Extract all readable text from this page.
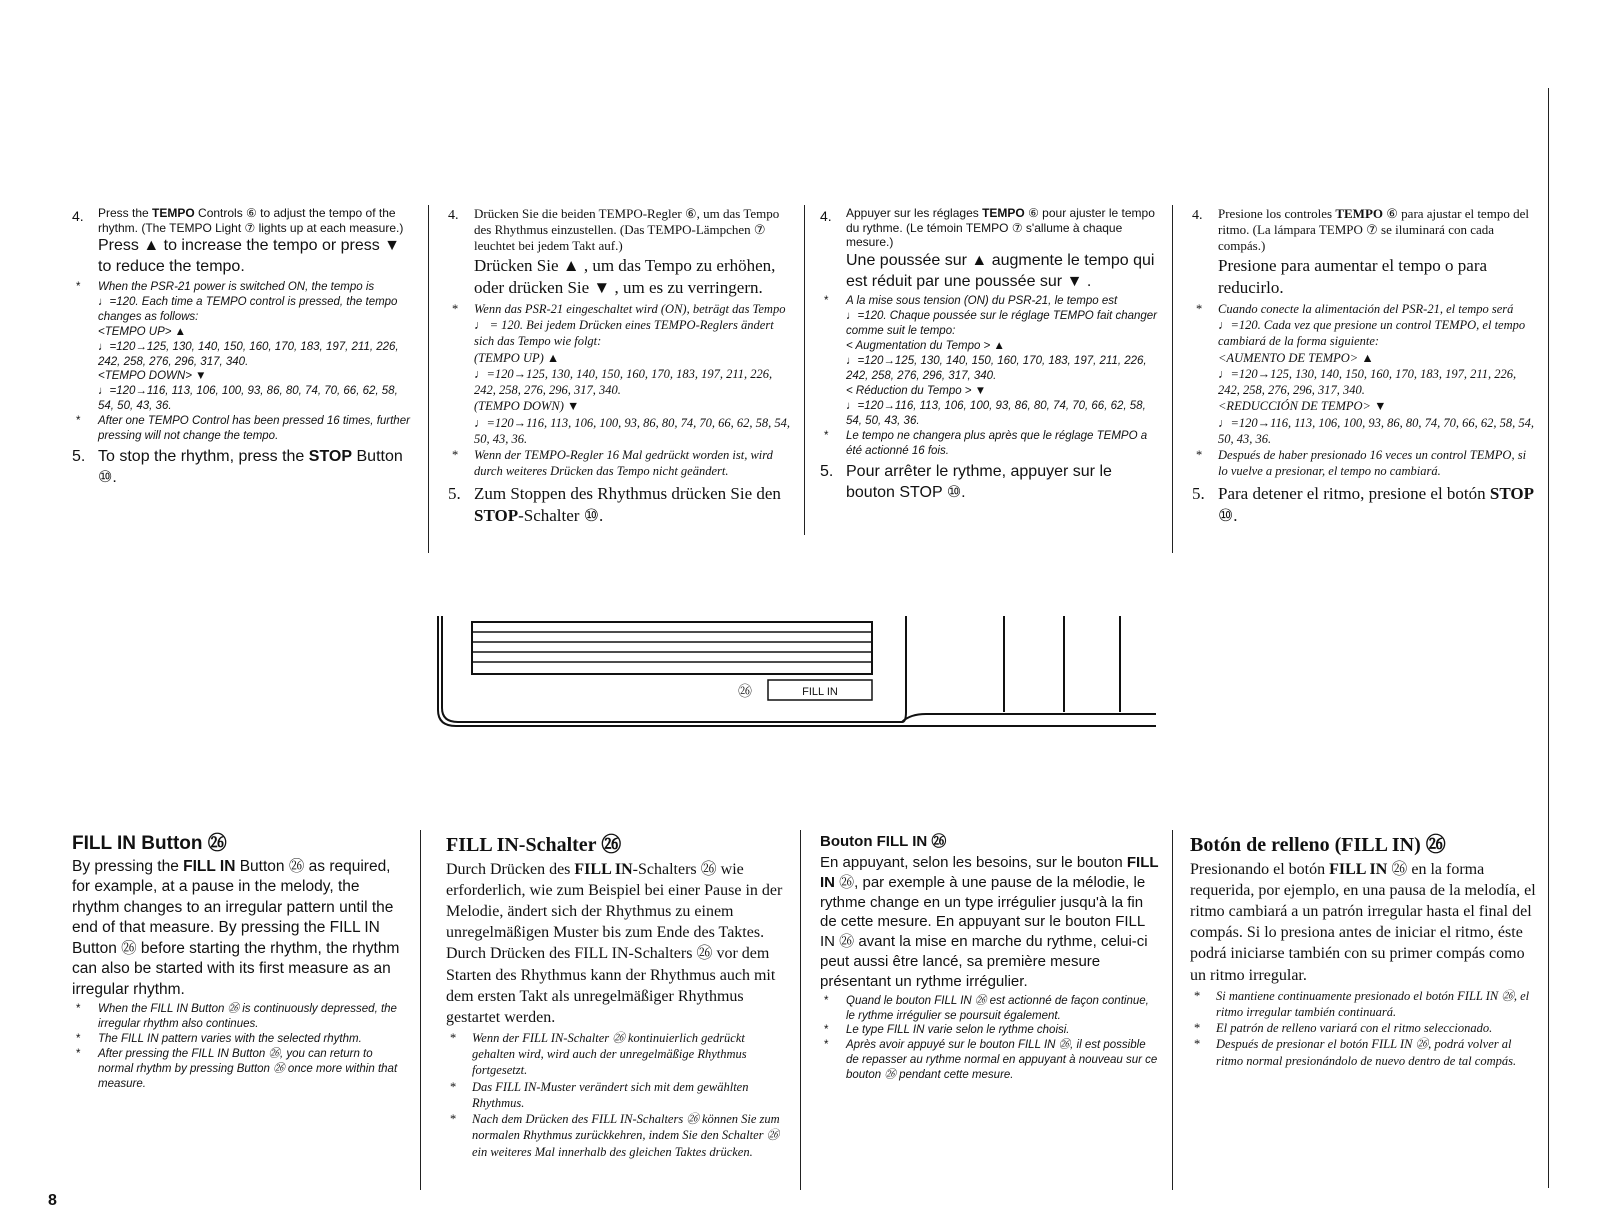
4.	Press the TEMPO Controls ⑥ to adjust the tempo of the rhythm. (The TEMPO Light ⑦ lights up at each measure.)
Press ▲ to increase the tempo or press ▼ to reduce the tempo.
* When the PSR-21 power is switched ON, the tempo is ♩=120. Each time a TEMPO control is pressed, the tempo changes as follows:
<TEMPO UP> ▲
♩=120→125, 130, 140, 150, 160, 170, 183, 197, 211, 226, 242, 258, 276, 296, 317, 340.
<TEMPO DOWN> ▼
♩=120→116, 113, 106, 100, 93, 86, 80, 74, 70, 66, 62, 58, 54, 50, 43, 36.
* After one TEMPO Control has been pressed 16 times, further pressing will not change the tempo.
5. To stop the rhythm, press the STOP Button ⑩.
4.	Drücken Sie die beiden TEMPO-Regler ⑥, um das Tempo des Rhythmus einzustellen. (Das TEMPO-Lämpchen ⑦ leuchtet bei jedem Takt auf.)
Drücken Sie ▲ , um das Tempo zu erhöhen, oder drücken Sie ▼ , um es zu verringern.
* Wenn das PSR-21 eingeschaltet wird (ON), beträgt das Tempo ♩ = 120. Bei jedem Drücken eines TEMPO-Reglers ändert sich das Tempo wie folgt:
(TEMPO UP) ▲
♩=120→125, 130, 140, 150, 160, 170, 183, 197, 211, 226, 242, 258, 276, 296, 317, 340.
(TEMPO DOWN) ▼
♩=120→116, 113, 106, 100, 93, 86, 80, 74, 70, 66, 62, 58, 54, 50, 43, 36.
* Wenn der TEMPO-Regler 16 Mal gedrückt worden ist, wird durch weiteres Drücken das Tempo nicht geändert.
5. Zum Stoppen des Rhythmus drücken Sie den STOP-Schalter ⑩.
4.	Appuyer sur les réglages TEMPO ⑥ pour ajuster le tempo du rythme. (Le témoin TEMPO ⑦ s'allume à chaque mesure.)
Une poussée sur ▲ augmente le tempo qui est réduit par une poussée sur ▼ .
* A la mise sous tension (ON) du PSR-21, le tempo est ♩=120. Chaque poussée sur le réglage TEMPO fait changer comme suit le tempo:
< Augmentation du Tempo > ▲
♩=120→125, 130, 140, 150, 160, 170, 183, 197, 211, 226, 242, 258, 276, 296, 317, 340.
< Réduction du Tempo > ▼
♩=120→116, 113, 106, 100, 93, 86, 80, 74, 70, 66, 62, 58, 54, 50, 43, 36.
* Le tempo ne changera plus après que le réglage TEMPO a été actionné 16 fois.
5. Pour arrêter le rythme, appuyer sur le bouton STOP ⑩.
4.	Presione los controles TEMPO ⑥ para ajustar el tempo del ritmo. (La lámpara TEMPO ⑦ se iluminará con cada compás.)
Presione para aumentar el tempo o para reducirlo.
* Cuando conecte la alimentación del PSR-21, el tempo será ♩=120. Cada vez que presione un control TEMPO, el tempo cambiará de la forma siguiente:
<AUMENTO DE TEMPO> ▲
♩=120→125, 130, 140, 150, 160, 170, 183, 197, 211, 226, 242, 258, 276, 296, 317, 340.
<REDUCCIÓN DE TEMPO> ▼
♩=120→116, 113, 106, 100, 93, 86, 80, 74, 70, 66, 62, 58, 54, 50, 43, 36.
* Después de haber presionado 16 veces un control TEMPO, si lo vuelve a presionar, el tempo no cambiará.
5. Para detener el ritmo, presione el botón STOP ⑩.
㉖	FILL IN
FILL IN Button ㉖

By pressing the FILL IN Button ㉖ as required, for example, at a pause in the melody, the rhythm changes to an irregular pattern until the end of that measure. By pressing the FILL IN Button ㉖ before starting the rhythm, the rhythm can also be started with its first measure as an irregular rhythm.

* When the FILL IN Button ㉖ is continuously depressed, the irregular rhythm also continues.
* The FILL IN pattern varies with the selected rhythm.
* After pressing the FILL IN Button ㉖, you can return to normal rhythm by pressing Button ㉖ once more within that measure.
FILL IN-Schalter ㉖

Durch Drücken des FILL IN-Schalters ㉖ wie erforderlich, wie zum Beispiel bei einer Pause in der Melodie, ändert sich der Rhythmus zu einem unregelmäßigen Muster bis zum Ende des Taktes. Durch Drücken des FILL IN-Schalters ㉖ vor dem Starten des Rhythmus kann der Rhythmus auch mit dem ersten Takt als unregelmäßiger Rhythmus gestartet werden.

* Wenn der FILL IN-Schalter ㉖ kontinuierlich gedrückt gehalten wird, wird auch der unregelmäßige Rhythmus fortgesetzt.
* Das FILL IN-Muster verändert sich mit dem gewählten Rhythmus.
* Nach dem Drücken des FILL IN-Schalters ㉖ können Sie zum normalen Rhythmus zurückkehren, indem Sie den Schalter ㉖ ein weiteres Mal innerhalb des gleichen Taktes drücken.
Bouton FILL IN ㉖

En appuyant, selon les besoins, sur le bouton FILL IN ㉖, par exemple à une pause de la mélodie, le rythme change en un type irrégulier jusqu'à la fin de cette mesure. En appuyant sur le bouton FILL IN ㉖ avant la mise en marche du rythme, celui-ci peut aussi être lancé, sa première mesure présentant un rythme irrégulier.

* Quand le bouton FILL IN ㉖ est actionné de façon continue, le rythme irrégulier se poursuit également.
* Le type FILL IN varie selon le rythme choisi.
* Après avoir appuyé sur le bouton FILL IN ㉖, il est possible de repasser au rythme normal en appuyant à nouveau sur ce bouton ㉖ pendant cette mesure.
Botón de relleno (FILL IN) ㉖

Presionando el botón FILL IN ㉖ en la forma requerida, por ejemplo, en una pausa de la melodía, el ritmo cambiará a un patrón irregular hasta el final del compás. Si lo presiona antes de iniciar el ritmo, éste podrá iniciarse también con su primer compás como un ritmo irregular.

* Si mantiene continuamente presionado el botón FILL IN ㉖, el ritmo irregular también continuará.
* El patrón de relleno variará con el ritmo seleccionado.
* Después de presionar el botón FILL IN ㉖, podrá volver al ritmo normal presionándolo de nuevo dentro de tal compás.
8
